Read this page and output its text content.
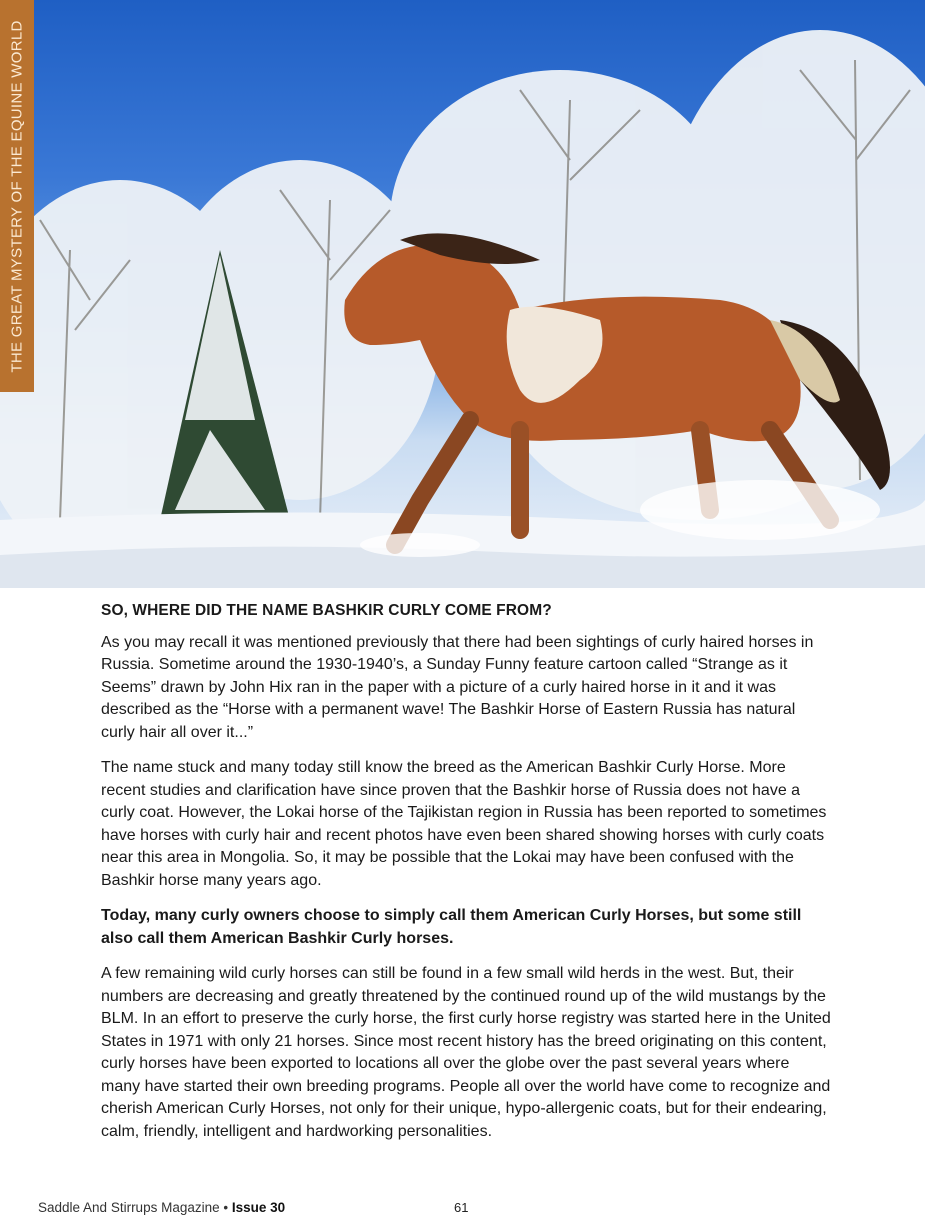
THE GREAT MYSTERY OF THE EQUINE WORLD
SO, WHERE DID THE NAME BASHKIR CURLY COME FROM?

As you may recall it was mentioned previously that there had been sightings of curly haired horses in Russia. Sometime around the 1930-1940’s, a Sunday Funny feature cartoon called “Strange as it Seems” drawn by John Hix ran in the paper with a picture of a curly haired horse in it and it was described as the “Horse with a permanent wave! The Bashkir Horse of Eastern Russia has natural curly hair all over it...”

The name stuck and many today still know the breed as the American Bashkir Curly Horse. More recent studies and clarification have since proven that the Bashkir horse of Russia does not have a curly coat. However, the Lokai horse of the Tajikistan region in Russia has been reported to sometimes have horses with curly hair and recent photos have even been shared showing horses with curly coats near this area in Mongolia. So, it may be possible that the Lokai may have been confused with the Bashkir horse many years ago.

Today, many curly owners choose to simply call them American Curly Horses, but some still also call them American Bashkir Curly horses.

A few remaining wild curly horses can still be found in a few small wild herds in the west. But, their numbers are decreasing and greatly threatened by the continued round up of the wild mustangs by the BLM. In an effort to preserve the curly horse, the first curly horse registry was started here in the United States in 1971 with only 21 horses. Since most recent history has the breed originating on this content, curly horses have been exported to locations all over the globe over the past several years where many have started their own breeding programs. People all over the world have come to recognize and cherish American Curly Horses, not only for their unique, hypo-allergenic coats, but for their endearing, calm, friendly, intelligent and hardworking personalities.

Saddle And Stirrups Magazine • Issue 30	61
